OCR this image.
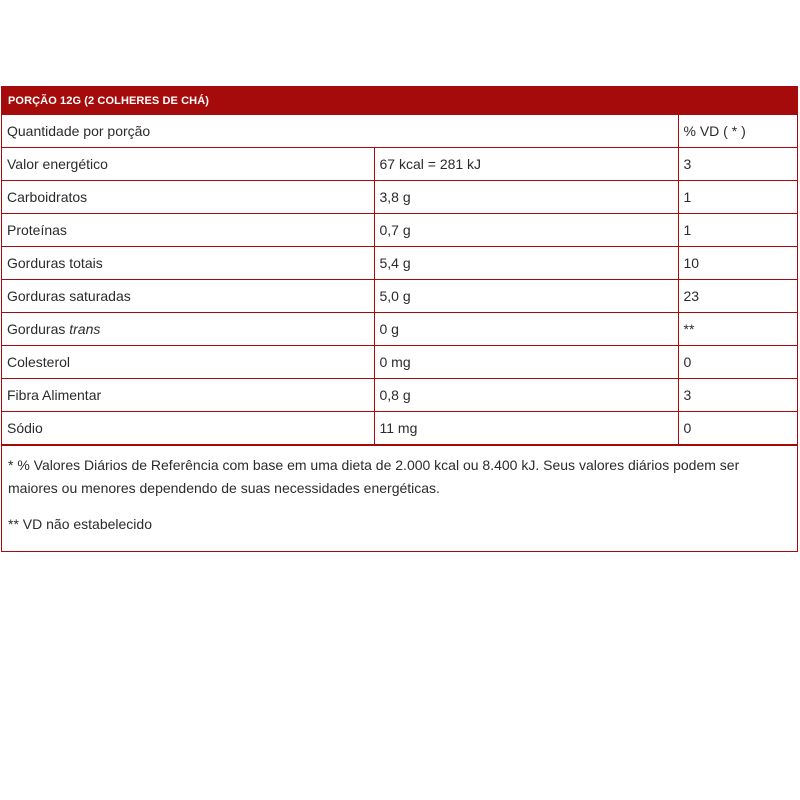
PORÇÃO 12G (2 COLHERES DE CHÁ)
Quantidade por porção		% VD ( * )
Valor energético	67 kcal = 281 kJ	3
Carboidratos	3,8 g	1
Proteínas	0,7 g	1
Gorduras totais	5,4 g	10
Gorduras saturadas	5,0 g	23
Gorduras trans	0 g	**
Colesterol	0 mg	0
Fibra Alimentar	0,8 g	3
Sódio	11 mg	0

* % Valores Diários de Referência com base em uma dieta de 2.000 kcal ou 8.400 kJ. Seus valores diários podem ser maiores ou menores dependendo de suas necessidades energéticas.

** VD não estabelecido
